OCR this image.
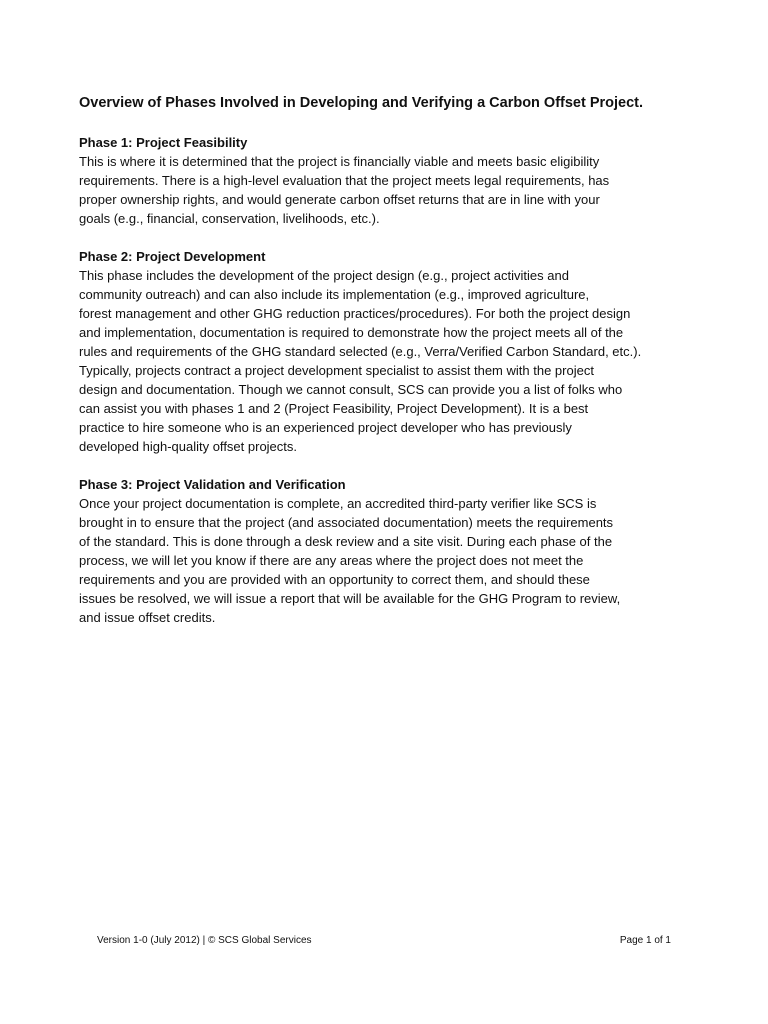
Overview of Phases Involved in Developing and Verifying a Carbon Offset Project.
Phase 1: Project Feasibility

This is where it is determined that the project is financially viable and meets basic eligibility
requirements. There is a high-level evaluation that the project meets legal requirements, has
proper ownership rights, and would generate carbon offset returns that are in line with your
goals (e.g., financial, conservation, livelihoods, etc.).

Phase 2: Project Development

This phase includes the development of the project design (e.g., project activities and
community outreach) and can also include its implementation (e.g., improved agriculture,
forest management and other GHG reduction practices/procedures). For both the project design
and implementation, documentation is required to demonstrate how the project meets all of the
rules and requirements of the GHG standard selected (e.g., Verra/Verified Carbon Standard, etc.).
Typically, projects contract a project development specialist to assist them with the project
design and documentation. Though we cannot consult, SCS can provide you a list of folks who
can assist you with phases 1 and 2 (Project Feasibility, Project Development). It is a best
practice to hire someone who is an experienced project developer who has previously
developed high-quality offset projects.

Phase 3: Project Validation and Verification

Once your project documentation is complete, an accredited third-party verifier like SCS is
brought in to ensure that the project (and associated documentation) meets the requirements
of the standard. This is done through a desk review and a site visit. During each phase of the
process, we will let you know if there are any areas where the project does not meet the
requirements and you are provided with an opportunity to correct them, and should these
issues be resolved, we will issue a report that will be available for the GHG Program to review,
and issue offset credits.

Version 1-0 (July 2012) | © SCS Global Services	Page 1 of 1
